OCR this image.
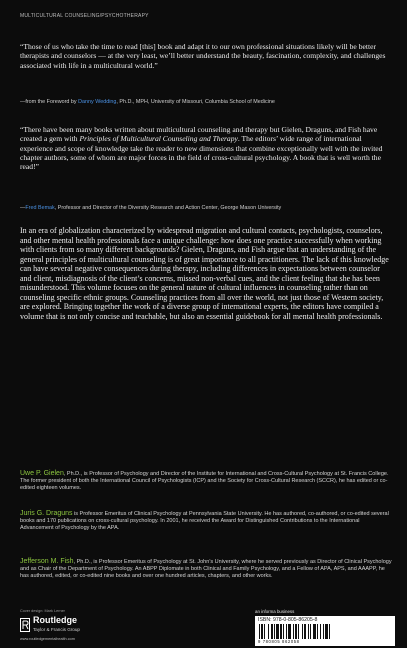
MULTICULTURAL COUNSELING/PSYCHOTHERAPY

“Those of us who take the time to read [this] book and adapt it to our own professional situations likely will be better therapists and counselors — at the very least, we’ll better understand the beauty, fascination, complexity, and challenges associated with life in a multicultural world.”

—from the Foreword by Danny Wedding, Ph.D., MPH, University of Missouri, Columbia School of Medicine

“There have been many books written about multicultural counseling and therapy but Gielen, Draguns, and Fish have created a gem with Principles of Multicultural Counseling and Therapy. The editors’ wide range of international experience and scope of knowledge take the reader to new dimensions that combine exceptionally well with the invited chapter authors, some of whom are major forces in the field of cross-cultural psychology. A book that is well worth the read!”

—Fred Bemak, Professor and Director of the Diversity Research and Action Center, George Mason University

In an era of globalization characterized by widespread migration and cultural contacts, psychologists, counselors, and other mental health professionals face a unique challenge: how does one practice successfully when working with clients from so many different backgrounds? Gielen, Draguns, and Fish argue that an understanding of the general principles of multicultural counseling is of great importance to all practitioners. The lack of this knowledge can have several negative consequences during therapy, including differences in expectations between counselor and client, misdiagnosis of the client’s concerns, missed non-verbal cues, and the client feeling that she has been misunderstood. This volume focuses on the general nature of cultural influences in counseling rather than on counseling specific ethnic groups. Counseling practices from all over the world, not just those of Western society, are explored. Bringing together the work of a diverse group of international experts, the editors have compiled a volume that is not only concise and teachable, but also an essential guidebook for all mental health professionals.

Uwe P. Gielen, Ph.D., is Professor of Psychology and Director of the Institute for International and Cross-Cultural Psychology at St. Francis College. The former president of both the International Council of Psychologists (ICP) and the Society for Cross-Cultural Research (SCCR), he has edited or co-edited eighteen volumes.

Juris G. Draguns is Professor Emeritus of Clinical Psychology at Pennsylvania State University. He has authored, co-authored, or co-edited several books and 170 publications on cross-cultural psychology. In 2001, he received the Award for Distinguished Contributions to the International Advancement of Psychology by the APA.

Jefferson M. Fish, Ph.D., is Professor Emeritus of Psychology at St. John’s University, where he served previously as Director of Clinical Psychology and as Chair of the Department of Psychology. An ABPP Diplomate in both Clinical and Family Psychology, and a Fellow of APA, APS, and AAAPP, he has authored, edited, or co-edited nine books and over one hundred articles, chapters, and other works.

Cover design: Mark Lerner
Routledge
Taylor & Francis Group
www.routledgementalhealth.com
an informa business
ISBN: 978-0-805-86205-8
9 780805 862058
